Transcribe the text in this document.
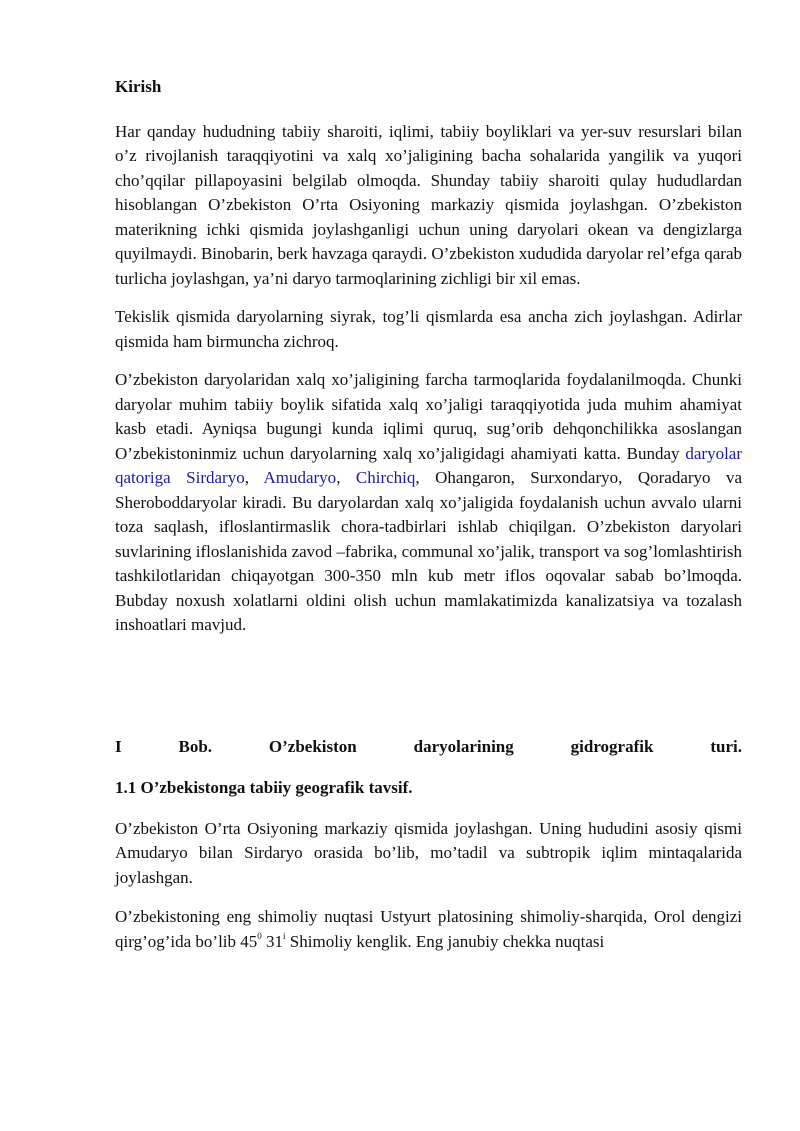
Kirish

Har qanday hududning tabiiy sharoiti, iqlimi, tabiiy boyliklari va yer-suv resurslari bilan o’z rivojlanish taraqqiyotini va xalq xo’jaligining bacha sohalarida yangilik va yuqori cho’qqilar pillapoyasini belgilab olmoqda. Shunday tabiiy sharoiti qulay hududlardan hisoblangan O’zbekiston O’rta Osiyoning markaziy qismida joylashgan. O’zbekiston materikning ichki qismida joylashganligi uchun uning daryolari okean va dengizlarga quyilmaydi. Binobarin, berk havzaga qaraydi. O’zbekiston xududida daryolar rel’efga qarab turlicha joylashgan, ya’ni daryo tarmoqlarining zichligi bir xil emas.

Tekislik qismida daryolarning siyrak, tog’li qismlarda esa ancha zich joylashgan. Adirlar qismida ham birmuncha zichroq.

O’zbekiston daryolaridan xalq xo’jaligining farcha tarmoqlarida foydalanilmoqda. Chunki daryolar muhim tabiiy boylik sifatida xalq xo’jaligi taraqqiyotida juda muhim ahamiyat kasb etadi. Ayniqsa bugungi kunda iqlimi quruq, sug’orib dehqonchilikka asoslangan O’zbekistoninmiz uchun daryolarning xalq xo’jaligidagi ahamiyati katta. Bunday daryolar qatoriga Sirdaryo, Amudaryo, Chirchiq, Ohangaron, Surxondaryo, Qoradaryo va Sheroboddaryolar kiradi. Bu daryolardan xalq xo’jaligida foydalanish uchun avvalo ularni toza saqlash, ifloslantirmaslik chora-tadbirlari ishlab chiqilgan. O’zbekiston daryolari suvlarining ifloslanishida zavod –fabrika, communal xo’jalik, transport va sog’lomlashtirish tashkilotlaridan chiqayotgan 300-350 mln kub metr iflos oqovalar sabab bo’lmoqda. Bubday noxush xolatlarni oldini olish uchun mamlakatimizda kanalizatsiya va tozalash inshoatlari mavjud.

I	Bob.	O’zbekiston	daryolarining	gidrografik	turi.

1.1 O’zbekistonga tabiiy geografik tavsif.

O’zbekiston O’rta Osiyoning markaziy qismida joylashgan. Uning hududini asosiy qismi Amudaryo bilan Sirdaryo orasida bo’lib, mo’tadil va subtropik iqlim mintaqalarida joylashgan.

O’zbekistoning eng shimoliy nuqtasi Ustyurt platosining shimoliy-sharqida, Orol dengizi qirg’og’ida bo’lib $45^0$ 31$^i$ Shimoliy kenglik. Eng janubiy chekka nuqtasi
